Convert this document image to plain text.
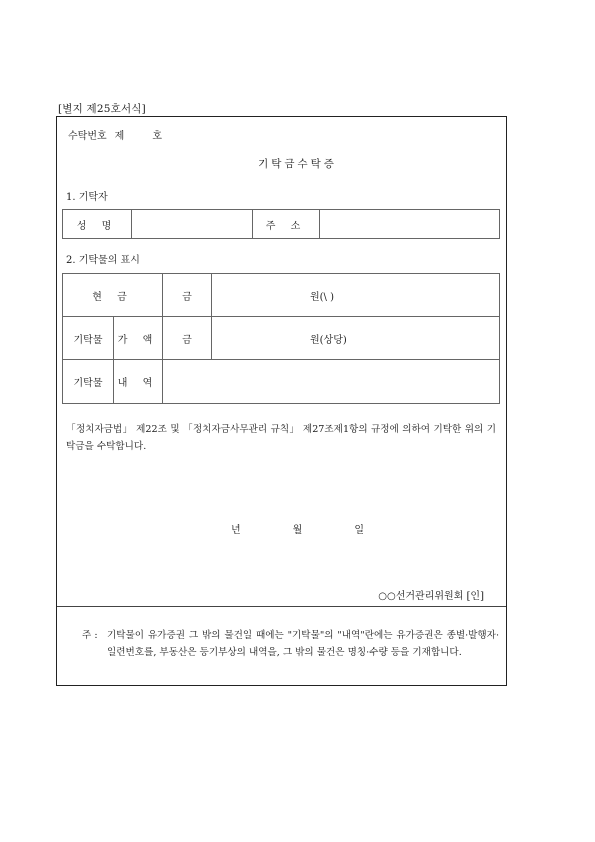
[별지 제25호서식]
수탁번호 제	호
기탁금수탁증
1. 기탁자
성 명		주 소	
2. 기탁물의 표시
현 금		금	원(\ )
기탁물	가 액	금	원(상당)
기탁물	내 역		
「정치자금법」 제22조 및 「정치자금사무관리 규칙」 제27조제1항의 규정에 의하여 기탁한 위의 기탁금을 수탁합니다.
년	월	일
○○선거관리위원회 [인]
주 : 기탁물이 유가증권 그 밖의 물건일 때에는 "기탁물"의 "내역"란에는 유가증권은 종별·발행자·일련번호를, 부동산은 등기부상의 내역을, 그 밖의 물건은 명칭·수량 등을 기재합니다.
